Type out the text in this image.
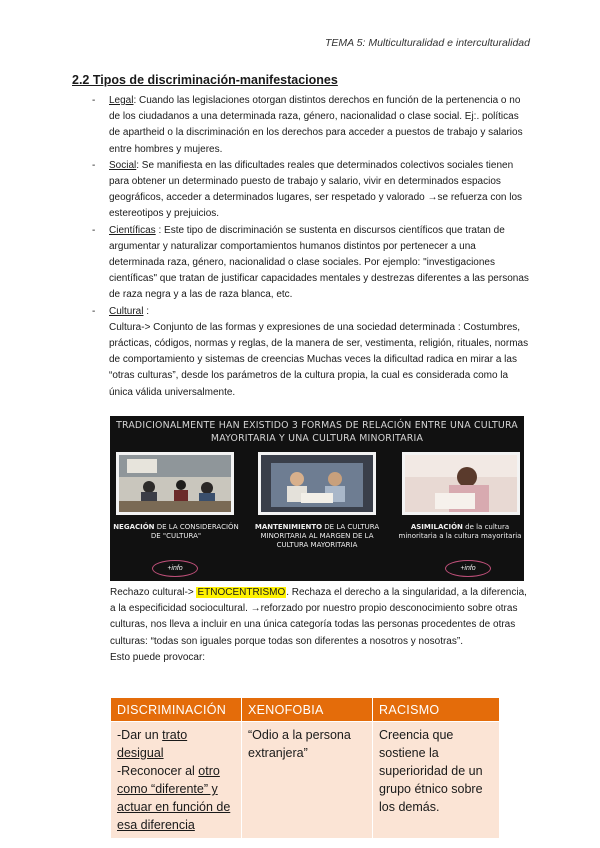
TEMA 5: Multiculturalidad e interculturalidad
2.2 Tipos de discriminación-manifestaciones
- Legal: Cuando las legislaciones otorgan distintos derechos en función de la pertenencia o no de los ciudadanos a una determinada raza, género, nacionalidad o clase social. Ej:. políticas de apartheid o la discriminación en los derechos para acceder a puestos de trabajo y salarios entre hombres y mujeres.
- Social: Se manifiesta en las dificultades reales que determinados colectivos sociales tienen para obtener un determinado puesto de trabajo y salario, vivir en determinados espacios geográficos, acceder a determinados lugares, ser respetado y valorado →se refuerza con los estereotipos y prejuicios.
- Científicas : Este tipo de discriminación se sustenta en discursos científicos que tratan de argumentar y naturalizar comportamientos humanos distintos por pertenecer a una determinada raza, género, nacionalidad o clase sociales. Por ejemplo: "investigaciones científicas" que tratan de justificar capacidades mentales y destrezas diferentes a las personas de raza negra y a las de raza blanca, etc.
- Cultural :
Cultura-> Conjunto de las formas y expresiones de una sociedad determinada : Costumbres, prácticas, códigos, normas y reglas, de la manera de ser, vestimenta, religión, rituales, normas de comportamiento y sistemas de creencias Muchas veces la dificultad radica en mirar a las “otras culturas”, desde los parámetros de la cultura propia, la cual es considerada como la única válida universalmente.
TRADICIONALMENTE HAN EXISTIDO 3 FORMAS DE RELACIÓN ENTRE UNA CULTURA
MAYORITARIA Y UNA CULTURA MINORITARIA
NEGACIÓN DE LA CONSIDERACIÓN DE "CULTURA"
MANTENIMIENTO DE LA CULTURA MINORITARIA AL MARGEN DE LA CULTURA MAYORITARIA
ASIMILACIÓN de la cultura minoritaria a la cultura mayoritaria
+info	+info
Rechazo cultural-> ETNOCENTRISMO. Rechaza el derecho a la singularidad, a la diferencia, a la especificidad sociocultural. →reforzado por nuestro propio desconocimiento sobre otras culturas, nos lleva a incluir en una única categoría todas las personas procedentes de otras culturas: “todas son iguales porque todas son diferentes a nosotros y nosotras”.
Esto puede provocar:
DISCRIMINACIÓN	XENOFOBIA	RACISMO
-Dar un trato desigual
-Reconocer al otro como “diferente” y actuar en función de esa diferencia	“Odio a la persona extranjera”	Creencia que sostiene la superioridad de un grupo étnico sobre los demás.
